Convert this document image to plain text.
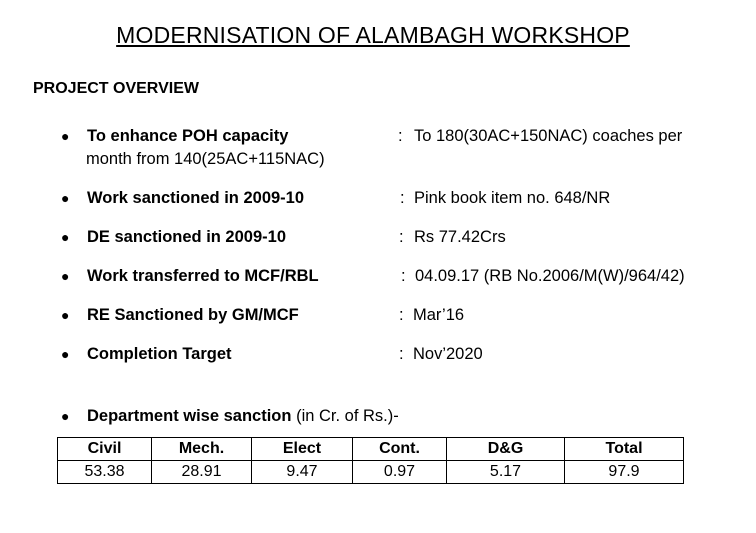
MODERNISATION OF ALAMBAGH WORKSHOP
PROJECT OVERVIEW
● To enhance POH capacity	: To 180(30AC+150NAC) coaches per
month from 140(25AC+115NAC)
● Work sanctioned in 2009-10	: Pink book item no. 648/NR
● DE sanctioned in 2009-10	: Rs 77.42Crs
● Work transferred to MCF/RBL	: 04.09.17 (RB No.2006/M(W)/964/42)
● RE Sanctioned by GM/MCF	: Mar’16
● Completion Target	: Nov’2020
● Department wise sanction (in Cr. of Rs.)-
Civil	Mech.	Elect	Cont.	D&G	Total
53.38	28.91	9.47	0.97	5.17	97.9
